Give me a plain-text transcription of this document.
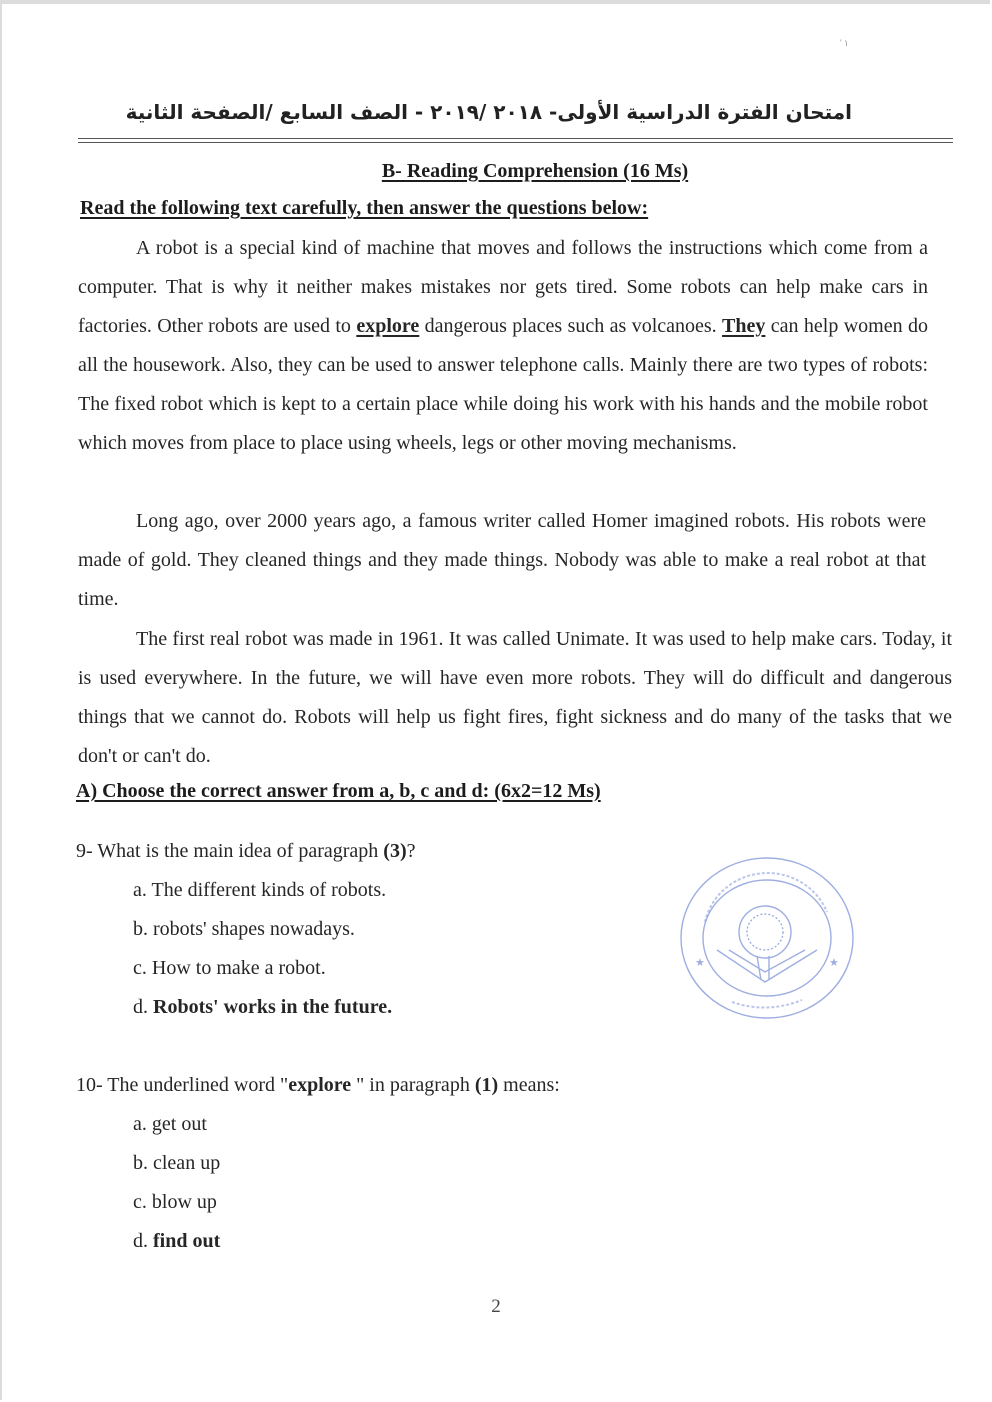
' ١
امتحان الفترة الدراسية الأولى- ٢٠١٨ /٢٠١٩ - الصف السابع /الصفحة الثانية
B- Reading Comprehension (16 Ms)
Read the following text carefully, then answer the questions below:

A robot is a special kind of machine that moves and follows the instructions which come from a computer. That is why it neither makes mistakes nor gets tired. Some robots can help make cars in factories. Other robots are used to explore dangerous places such as volcanoes. They can help women do all the housework. Also, they can be used to answer telephone calls. Mainly there are two types of robots: The fixed robot which is kept to a certain place while doing his work with his hands and the mobile robot which moves from place to place using wheels, legs or other moving mechanisms.

Long ago, over 2000 years ago, a famous writer called Homer imagined robots. His robots were made of gold. They cleaned things and they made things. Nobody was able to make a real robot at that time.

The first real robot was made in 1961. It was called Unimate. It was used to help make cars. Today, it is used everywhere. In the future, we will have even more robots. They will do difficult and dangerous things that we cannot do. Robots will help us fight fires, fight sickness and do many of the tasks that we don't or can't do.

A) Choose the correct answer from a, b, c and d: (6x2=12 Ms)
9- What is the main idea of paragraph (3)?
a. The different kinds of robots.
b. robots' shapes nowadays.
c. How to make a robot.
d. Robots' works in the future.
10- The underlined word "explore " in paragraph (1) means:
a. get out
b. clean up
c. blow up
d. find out
★	★
2
